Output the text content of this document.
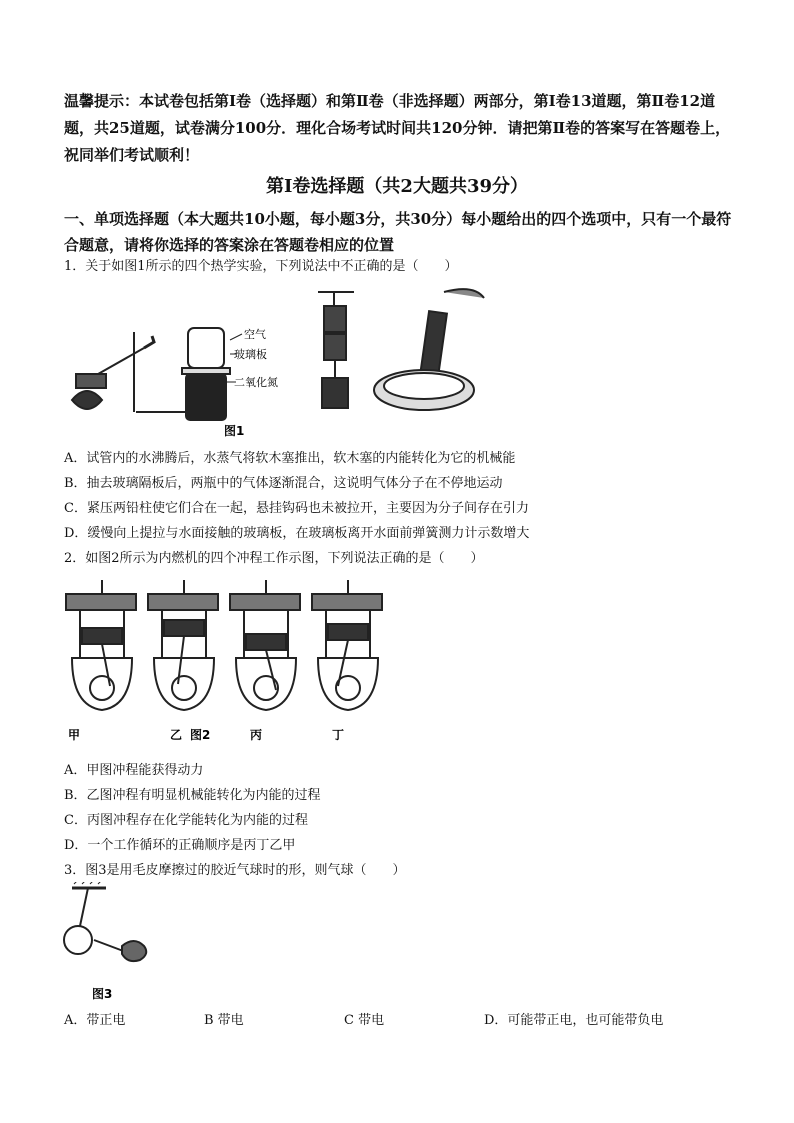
温馨提示：本试卷包括第Ⅰ卷（选择题）和第Ⅱ卷（非选择题）两部分，第Ⅰ卷13道题，第Ⅱ卷12道题，共25道题，试卷满分100分．理化合场考试时间共120分钟．请把第Ⅱ卷的答案写在答题卷上，祝同举们考试顺利！
第Ⅰ卷选择题（共2大题共39分）
一、单项选择题（本大题共10小题，每小题3分，共30分）每小题给出的四个选项中，只有一个最符合题意，请将你选择的答案涂在答题卷相应的位置
1．关于如图1所示的四个热学实验，下列说法中不正确的是（　　）
空气
玻璃板
二氧化氮
图1
A．试管内的水沸腾后，水蒸气将软木塞推出，软木塞的内能转化为它的机械能
B．抽去玻璃隔板后，两瓶中的气体逐渐混合，这说明气体分子在不停地运动
C．紧压两铅柱使它们合在一起，悬挂钩码也未被拉开，主要因为分子间存在引力
D．缓慢向上提拉与水面接触的玻璃板，在玻璃板离开水面前弹簧测力计示数增大
2．如图2所示为内燃机的四个冲程工作示图，下列说法正确的是（　　）
甲	乙 图2	丙	丁
A．甲图冲程能获得动力
B．乙图冲程有明显机械能转化为内能的过程
C．丙图冲程存在化学能转化为内能的过程
D．一个工作循环的正确顺序是丙丁乙甲
3．图3是用毛皮摩擦过的胶近气球时的形，则气球（　　）
图3
A．带正电	B 带电	C 带电	D．可能带正电，也可能带负电
